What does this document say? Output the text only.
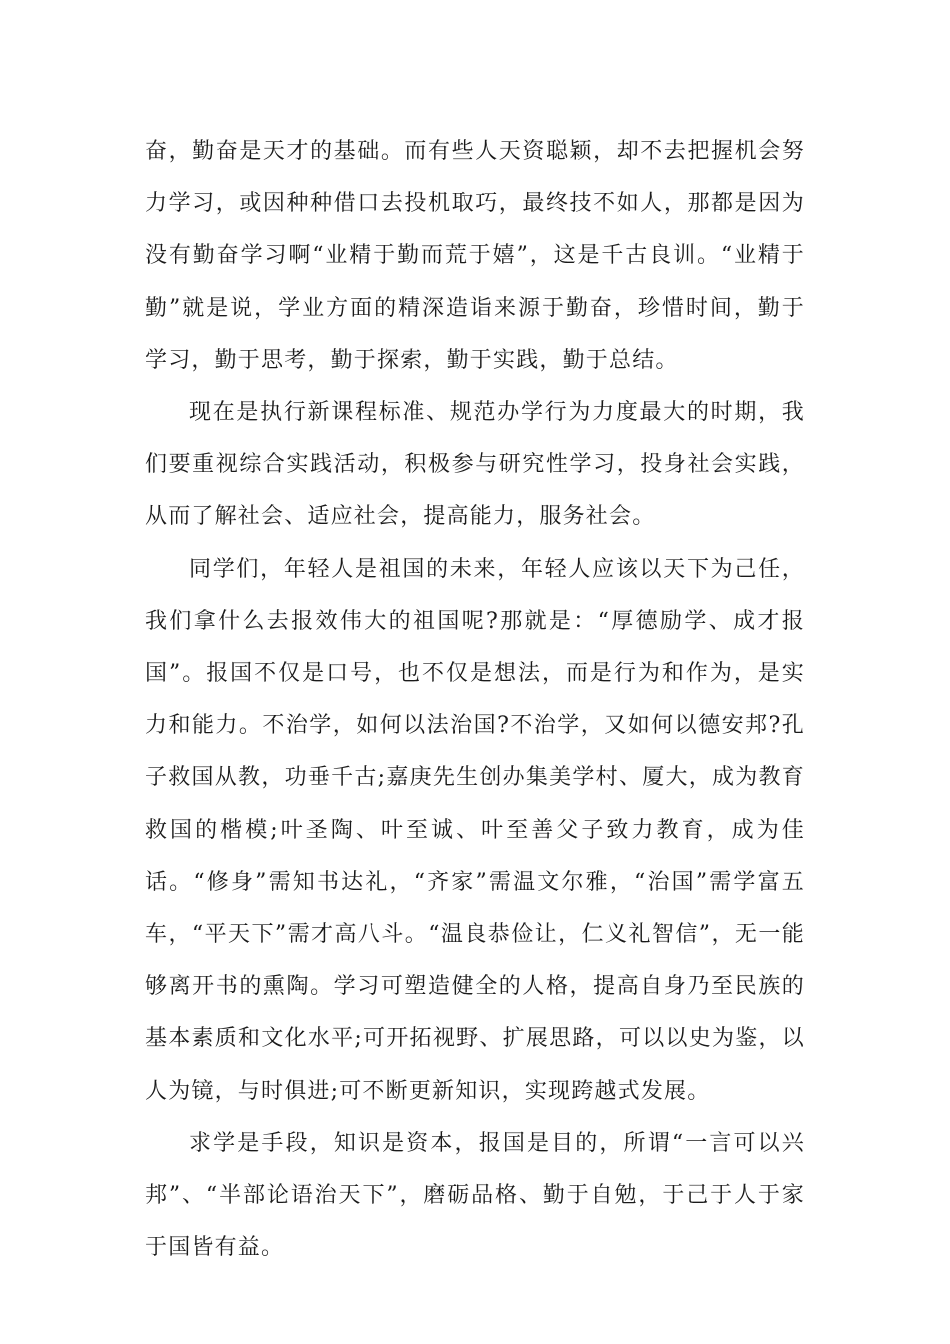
奋，勤奋是天才的基础。而有些人天资聪颖，却不去把握机会努力学习，或因种种借口去投机取巧，最终技不如人，那都是因为没有勤奋学习啊“业精于勤而荒于嬉”，这是千古良训。“业精于勤”就是说，学业方面的精深造诣来源于勤奋，珍惜时间，勤于学习，勤于思考，勤于探索，勤于实践，勤于总结。

现在是执行新课程标准、规范办学行为力度最大的时期，我们要重视综合实践活动，积极参与研究性学习，投身社会实践，从而了解社会、适应社会，提高能力，服务社会。

同学们，年轻人是祖国的未来，年轻人应该以天下为己任，我们拿什么去报效伟大的祖国呢?那就是：“厚德励学、成才报国”。报国不仅是口号，也不仅是想法，而是行为和作为，是实力和能力。不治学，如何以法治国?不治学，又如何以德安邦?孔子救国从教，功垂千古;嘉庚先生创办集美学村、厦大，成为教育救国的楷模;叶圣陶、叶至诚、叶至善父子致力教育，成为佳话。“修身”需知书达礼，“齐家”需温文尔雅，“治国”需学富五车，“平天下”需才高八斗。“温良恭俭让，仁义礼智信”，无一能够离开书的熏陶。学习可塑造健全的人格，提高自身乃至民族的基本素质和文化水平;可开拓视野、扩展思路，可以以史为鉴，以人为镜，与时俱进;可不断更新知识，实现跨越式发展。

求学是手段，知识是资本，报国是目的，所谓“一言可以兴邦”、“半部论语治天下”，磨砺品格、勤于自勉，于己于人于家于国皆有益。
